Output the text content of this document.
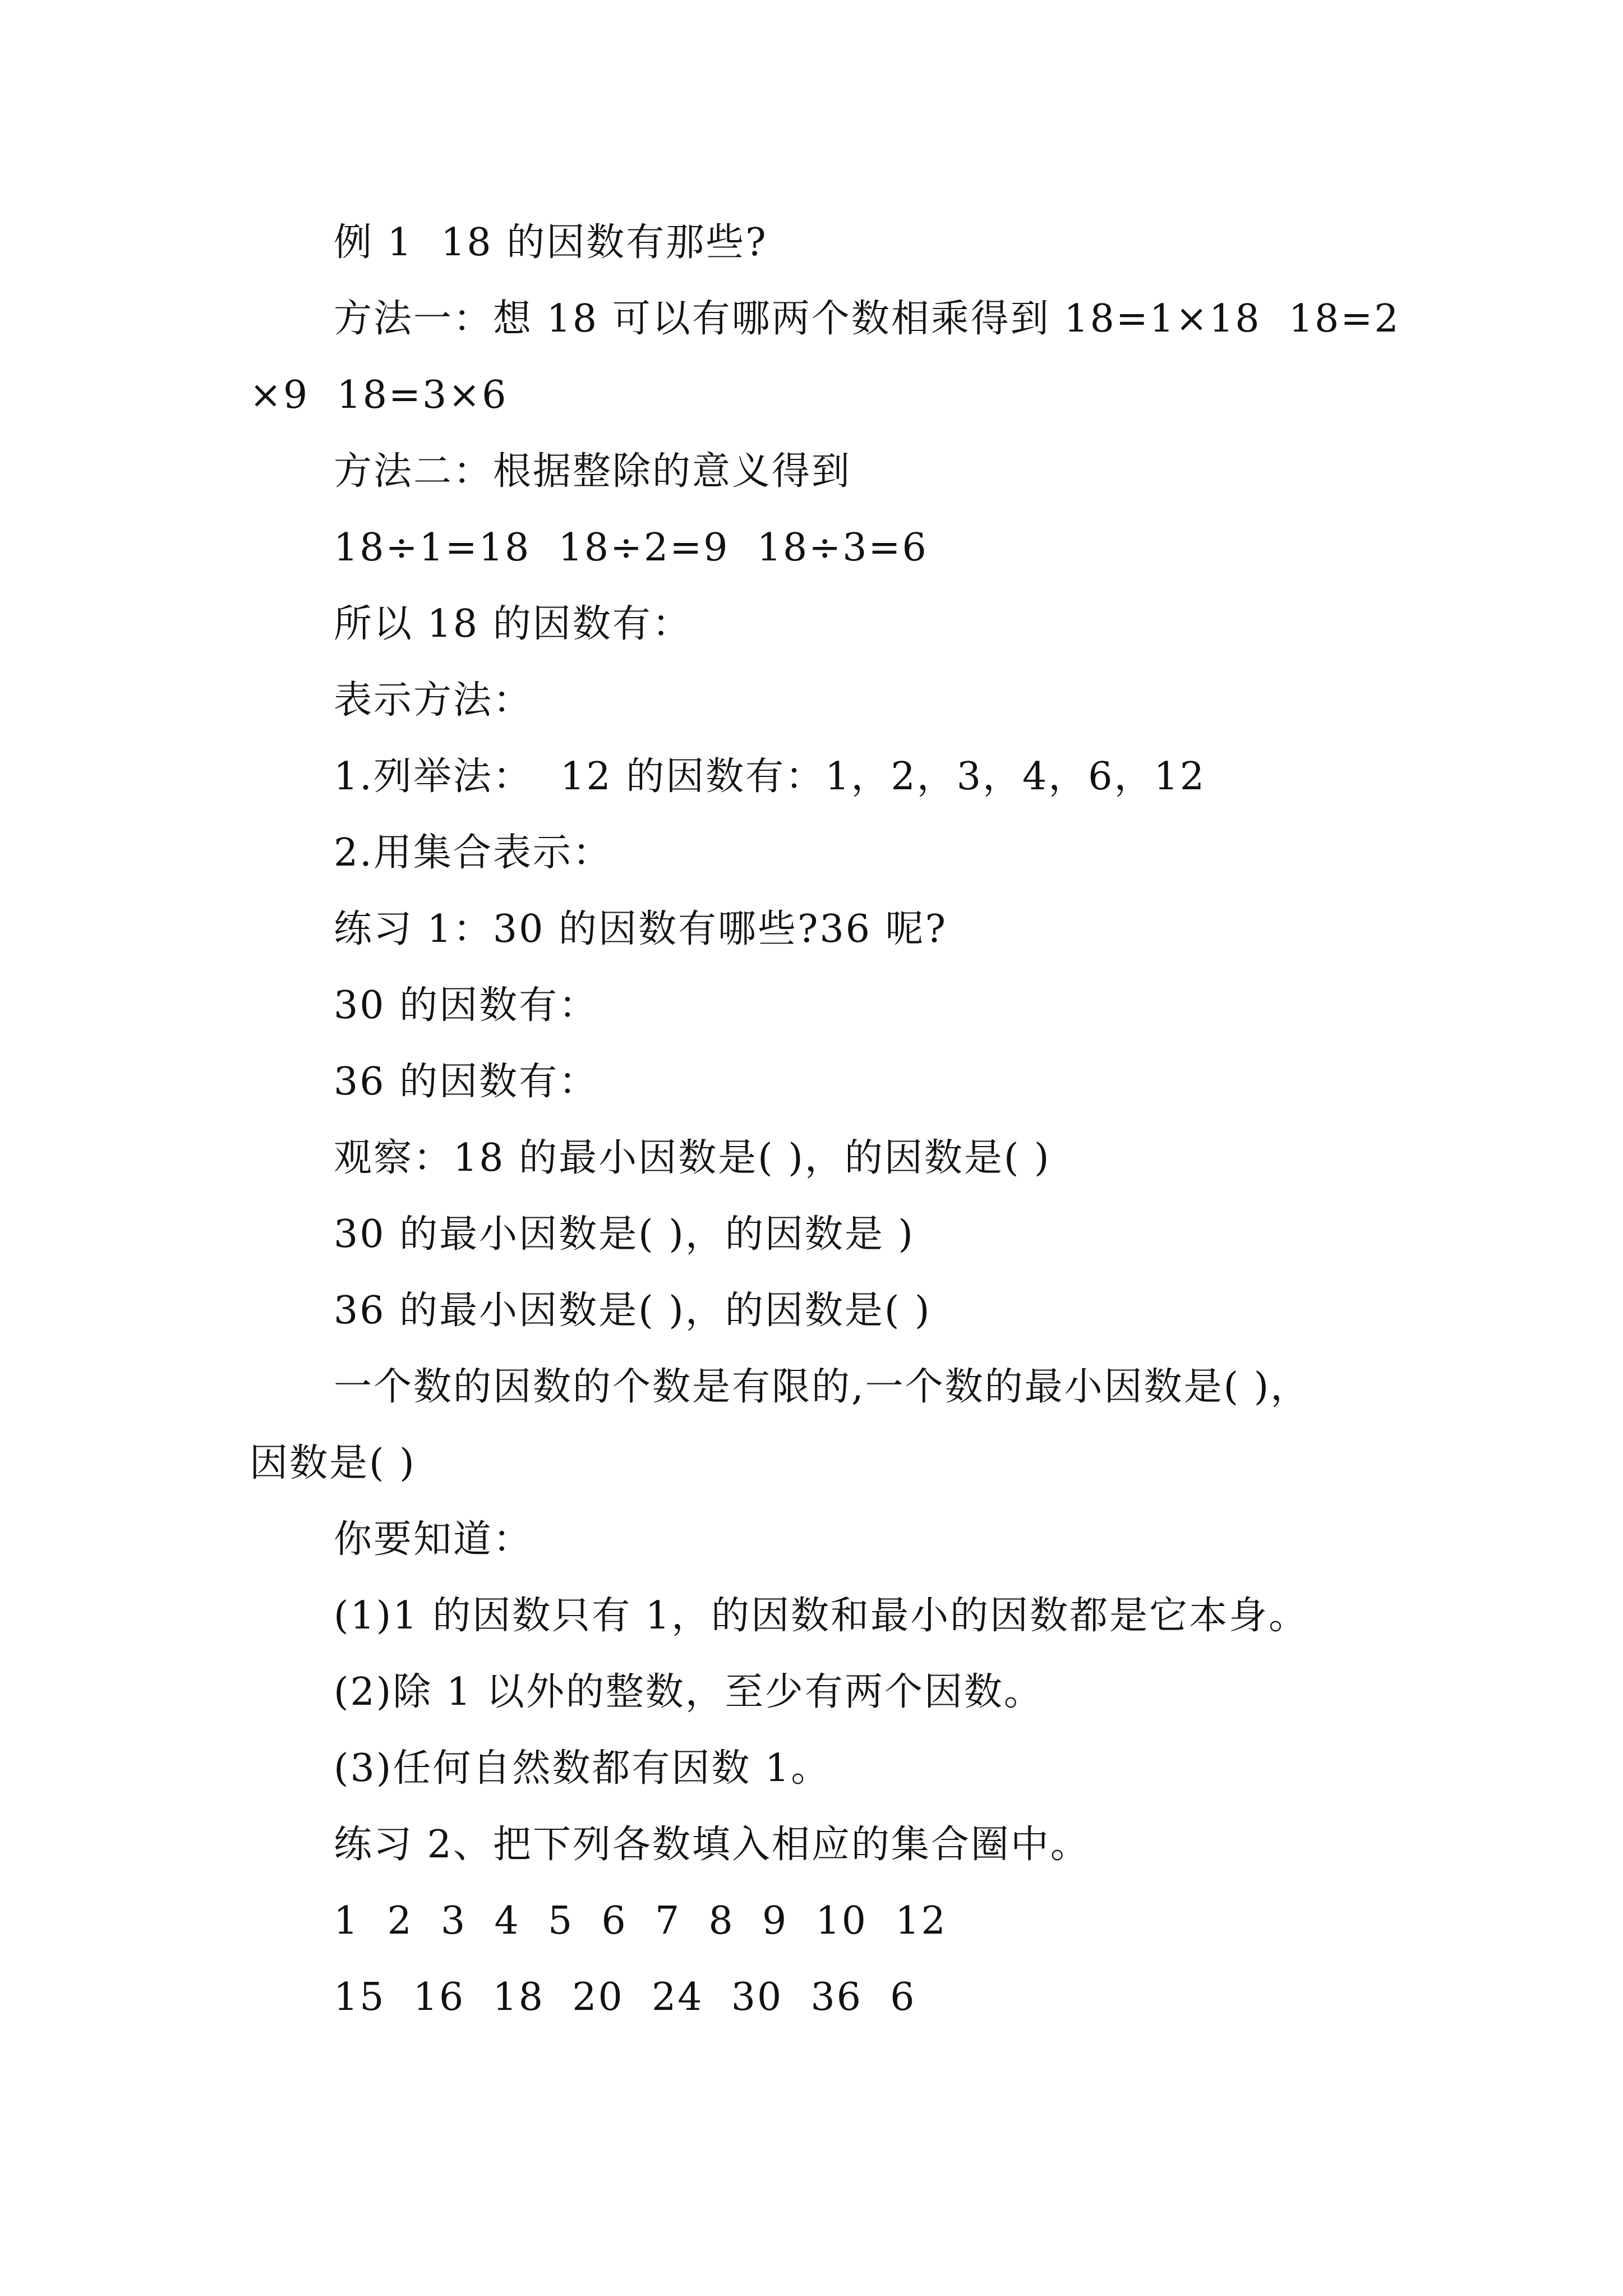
例 1  18 的因数有那些?
方法一：想 18 可以有哪两个数相乘得到 18=1×18  18=2
×9  18=3×6
方法二：根据整除的意义得到
18÷1=18  18÷2=9  18÷3=6
所以 18 的因数有：
表示方法：
1.列举法：  12 的因数有：1，2，3，4，6，12
2.用集合表示：
练习 1：30 的因数有哪些?36 呢?
30 的因数有：
36 的因数有：
观察：18 的最小因数是( )，的因数是( )
30 的最小因数是( )，的因数是 )
36 的最小因数是( )，的因数是( )
一个数的因数的个数是有限的,一个数的最小因数是( )，
因数是( )
你要知道：
(1)1 的因数只有 1，的因数和最小的因数都是它本身。
(2)除 1 以外的整数，至少有两个因数。
(3)任何自然数都有因数 1。
练习 2、把下列各数填入相应的集合圈中。
1  2  3  4  5  6  7  8  9  10  12
15  16  18  20  24  30  36  6
